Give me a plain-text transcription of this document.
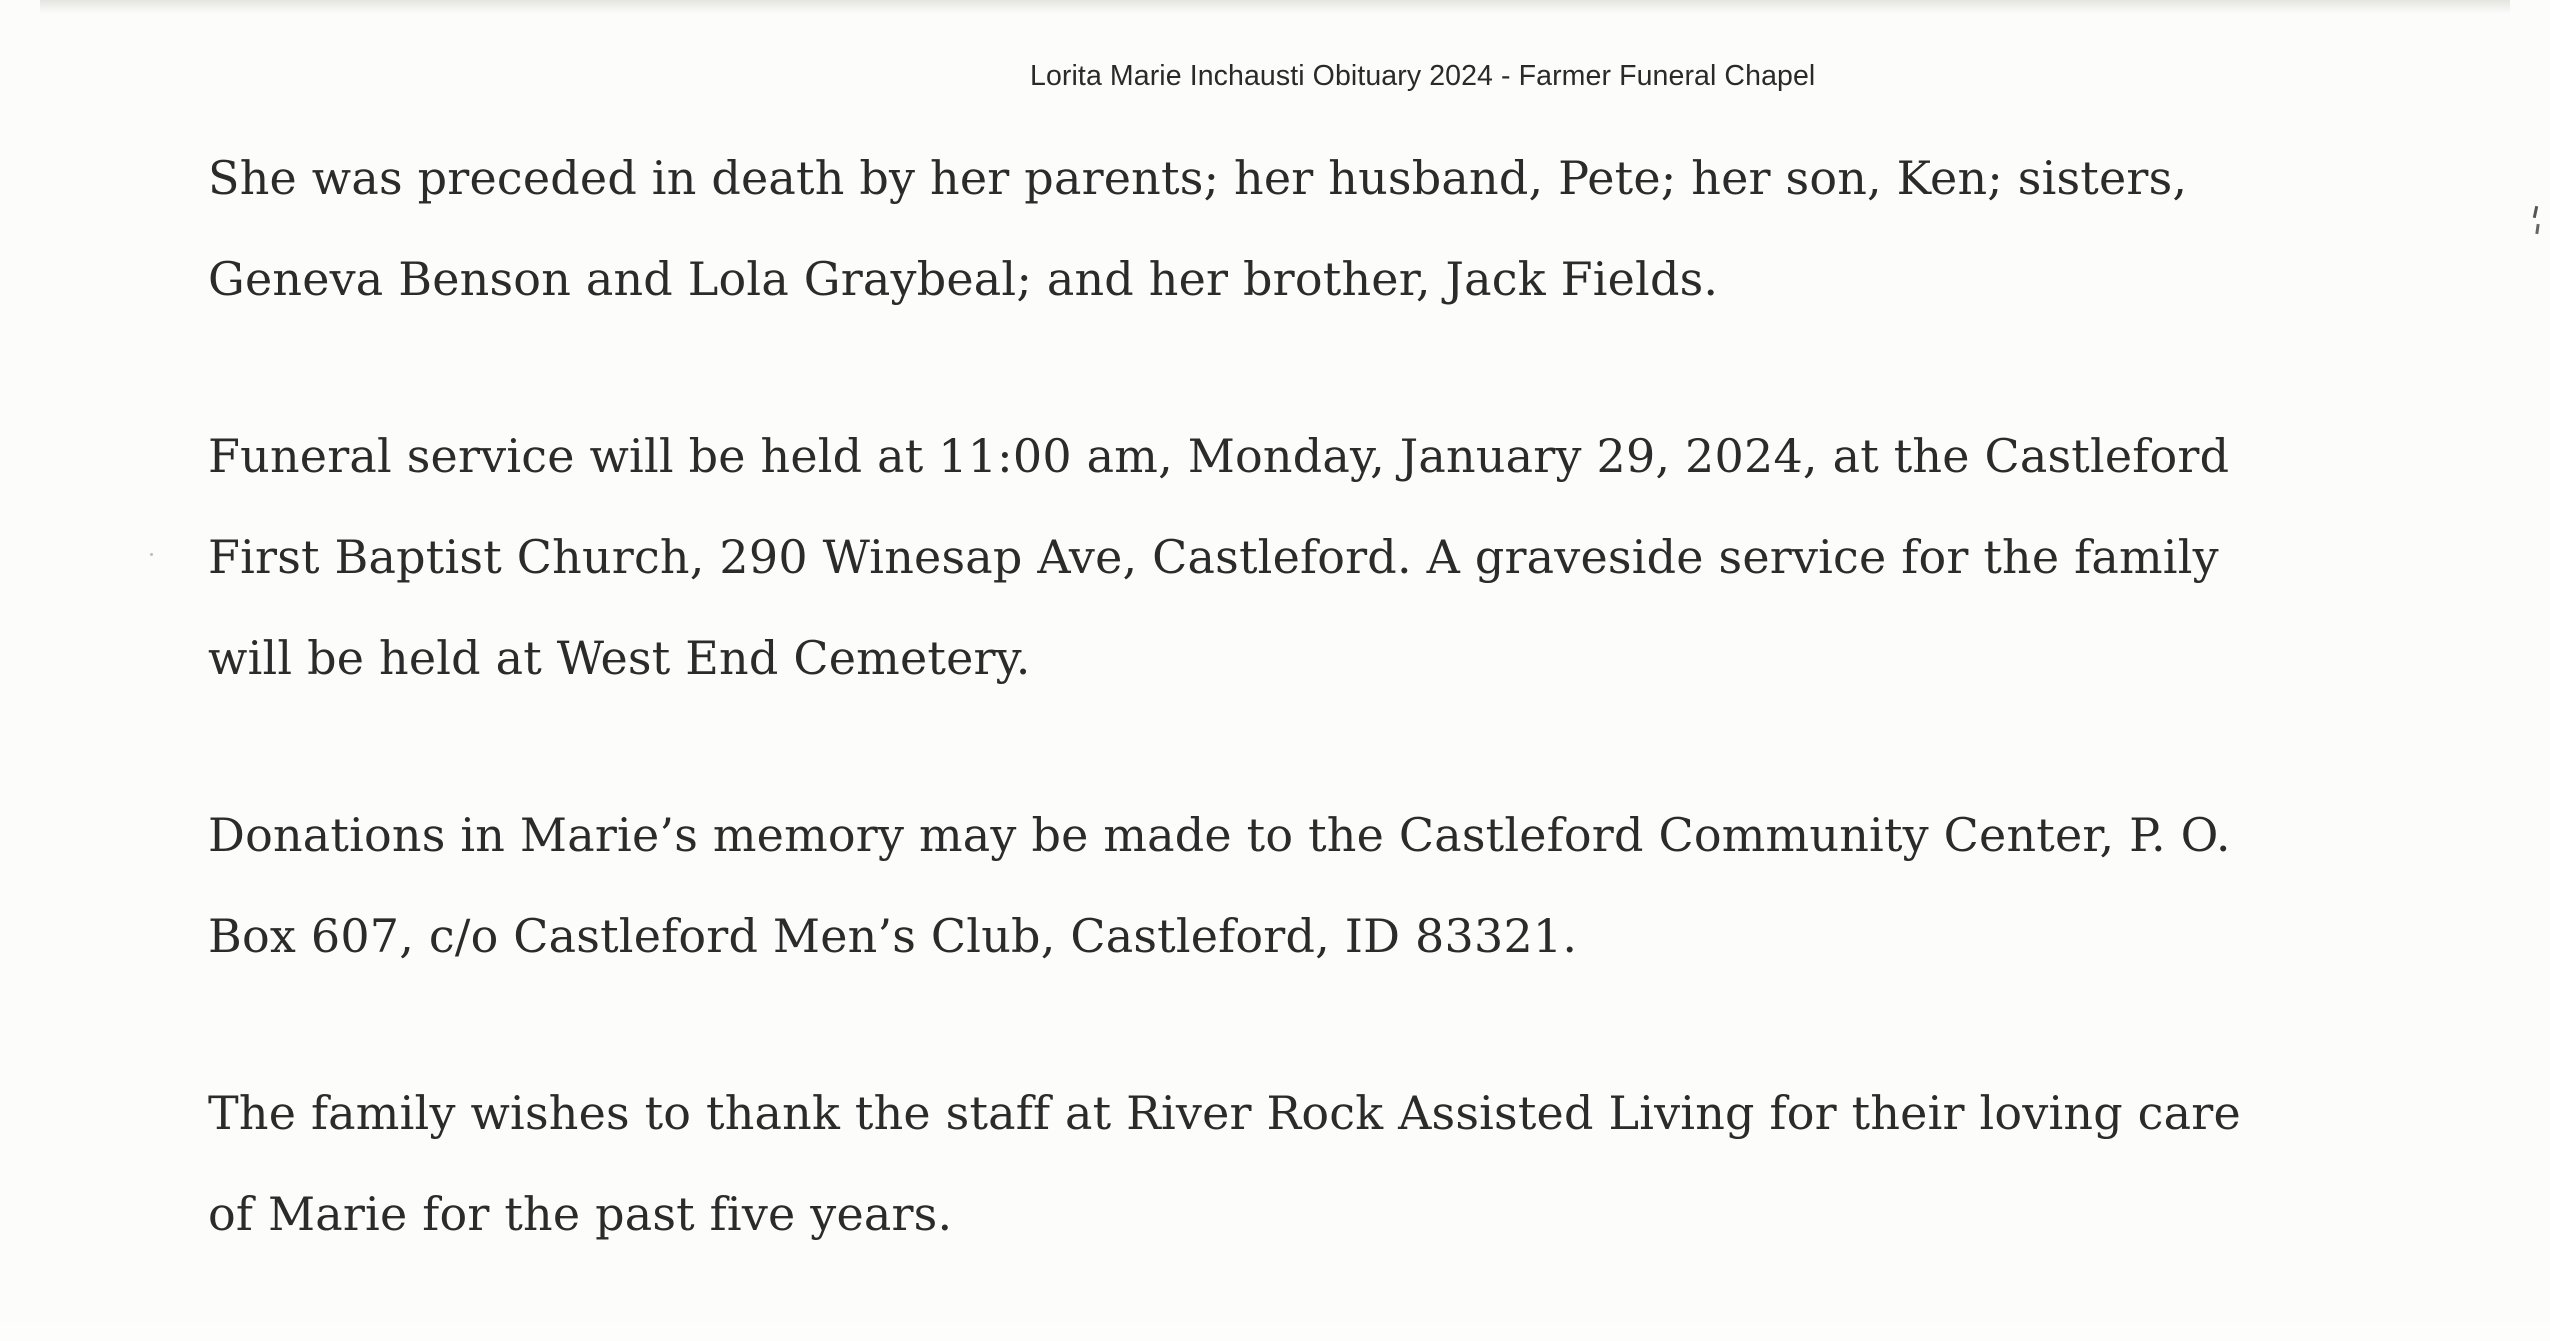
Lorita Marie Inchausti Obituary 2024 - Farmer Funeral Chapel

She was preceded in death by her parents; her husband, Pete; her son, Ken; sisters,
Geneva Benson and Lola Graybeal; and her brother, Jack Fields.

Funeral service will be held at 11:00 am, Monday, January 29, 2024, at the Castleford
First Baptist Church, 290 Winesap Ave, Castleford. A graveside service for the family
will be held at West End Cemetery.

Donations in Marie’s memory may be made to the Castleford Community Center, P. O.
Box 607, c/o Castleford Men’s Club, Castleford, ID 83321.

The family wishes to thank the staff at River Rock Assisted Living for their loving care
of Marie for the past five years.
